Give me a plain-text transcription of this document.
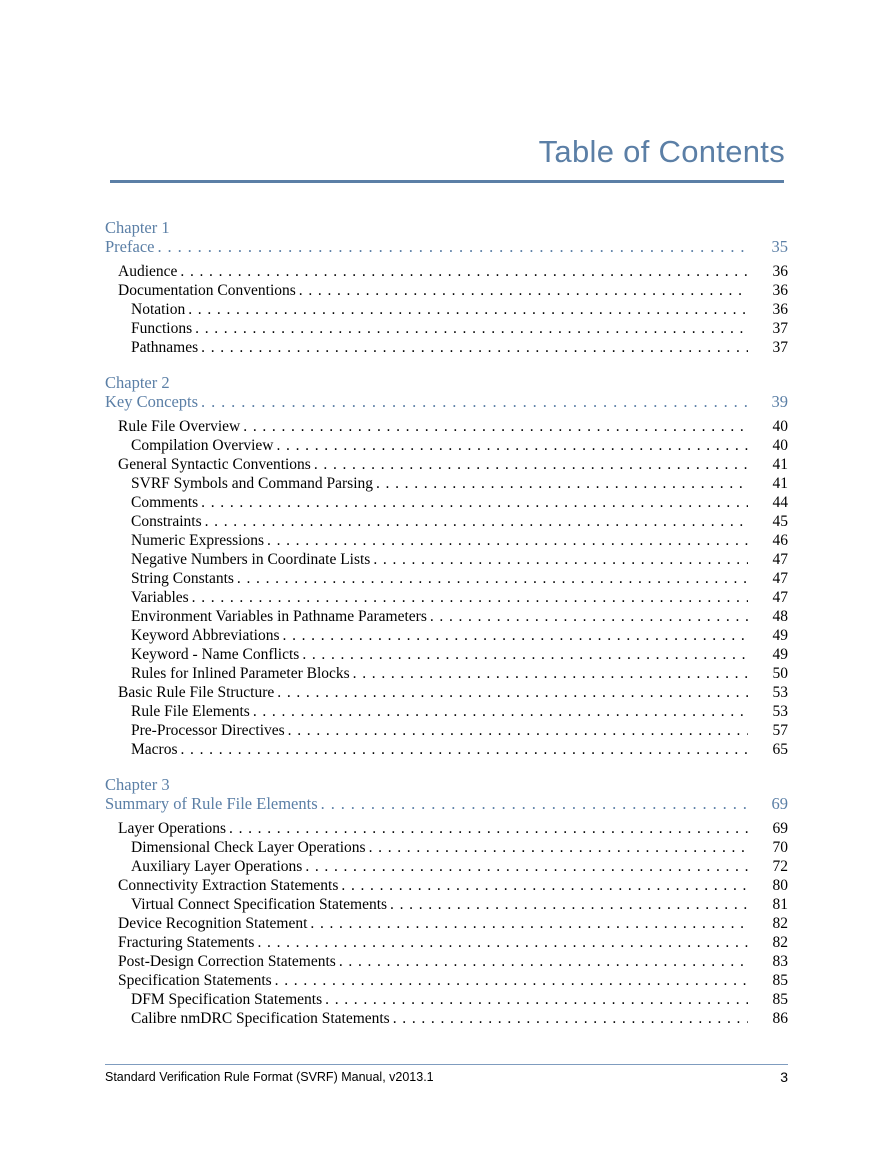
Table of Contents
Chapter 1
Preface . . .	35
Audience . . .	36
Documentation Conventions . . .	36
Notation . . .	36
Functions . . .	37
Pathnames . . .	37
Chapter 2
Key Concepts . . .	39
Rule File Overview . . .	40
Compilation Overview . . .	40
General Syntactic Conventions . . .	41
SVRF Symbols and Command Parsing . . .	41
Comments . . .	44
Constraints . . .	45
Numeric Expressions . . .	46
Negative Numbers in Coordinate Lists . . .	47
String Constants . . .	47
Variables . . .	47
Environment Variables in Pathname Parameters . . .	48
Keyword Abbreviations . . .	49
Keyword - Name Conflicts . . .	49
Rules for Inlined Parameter Blocks . . .	50
Basic Rule File Structure . . .	53
Rule File Elements . . .	53
Pre-Processor Directives . . .	57
Macros . . .	65
Chapter 3
Summary of Rule File Elements . . .	69
Layer Operations . . .	69
Dimensional Check Layer Operations . . .	70
Auxiliary Layer Operations . . .	72
Connectivity Extraction Statements . . .	80
Virtual Connect Specification Statements . . .	81
Device Recognition Statement . . .	82
Fracturing Statements . . .	82
Post-Design Correction Statements . . .	83
Specification Statements . . .	85
DFM Specification Statements . . .	85
Calibre nmDRC Specification Statements . . .	86
Standard Verification Rule Format (SVRF) Manual, v2013.1	3
